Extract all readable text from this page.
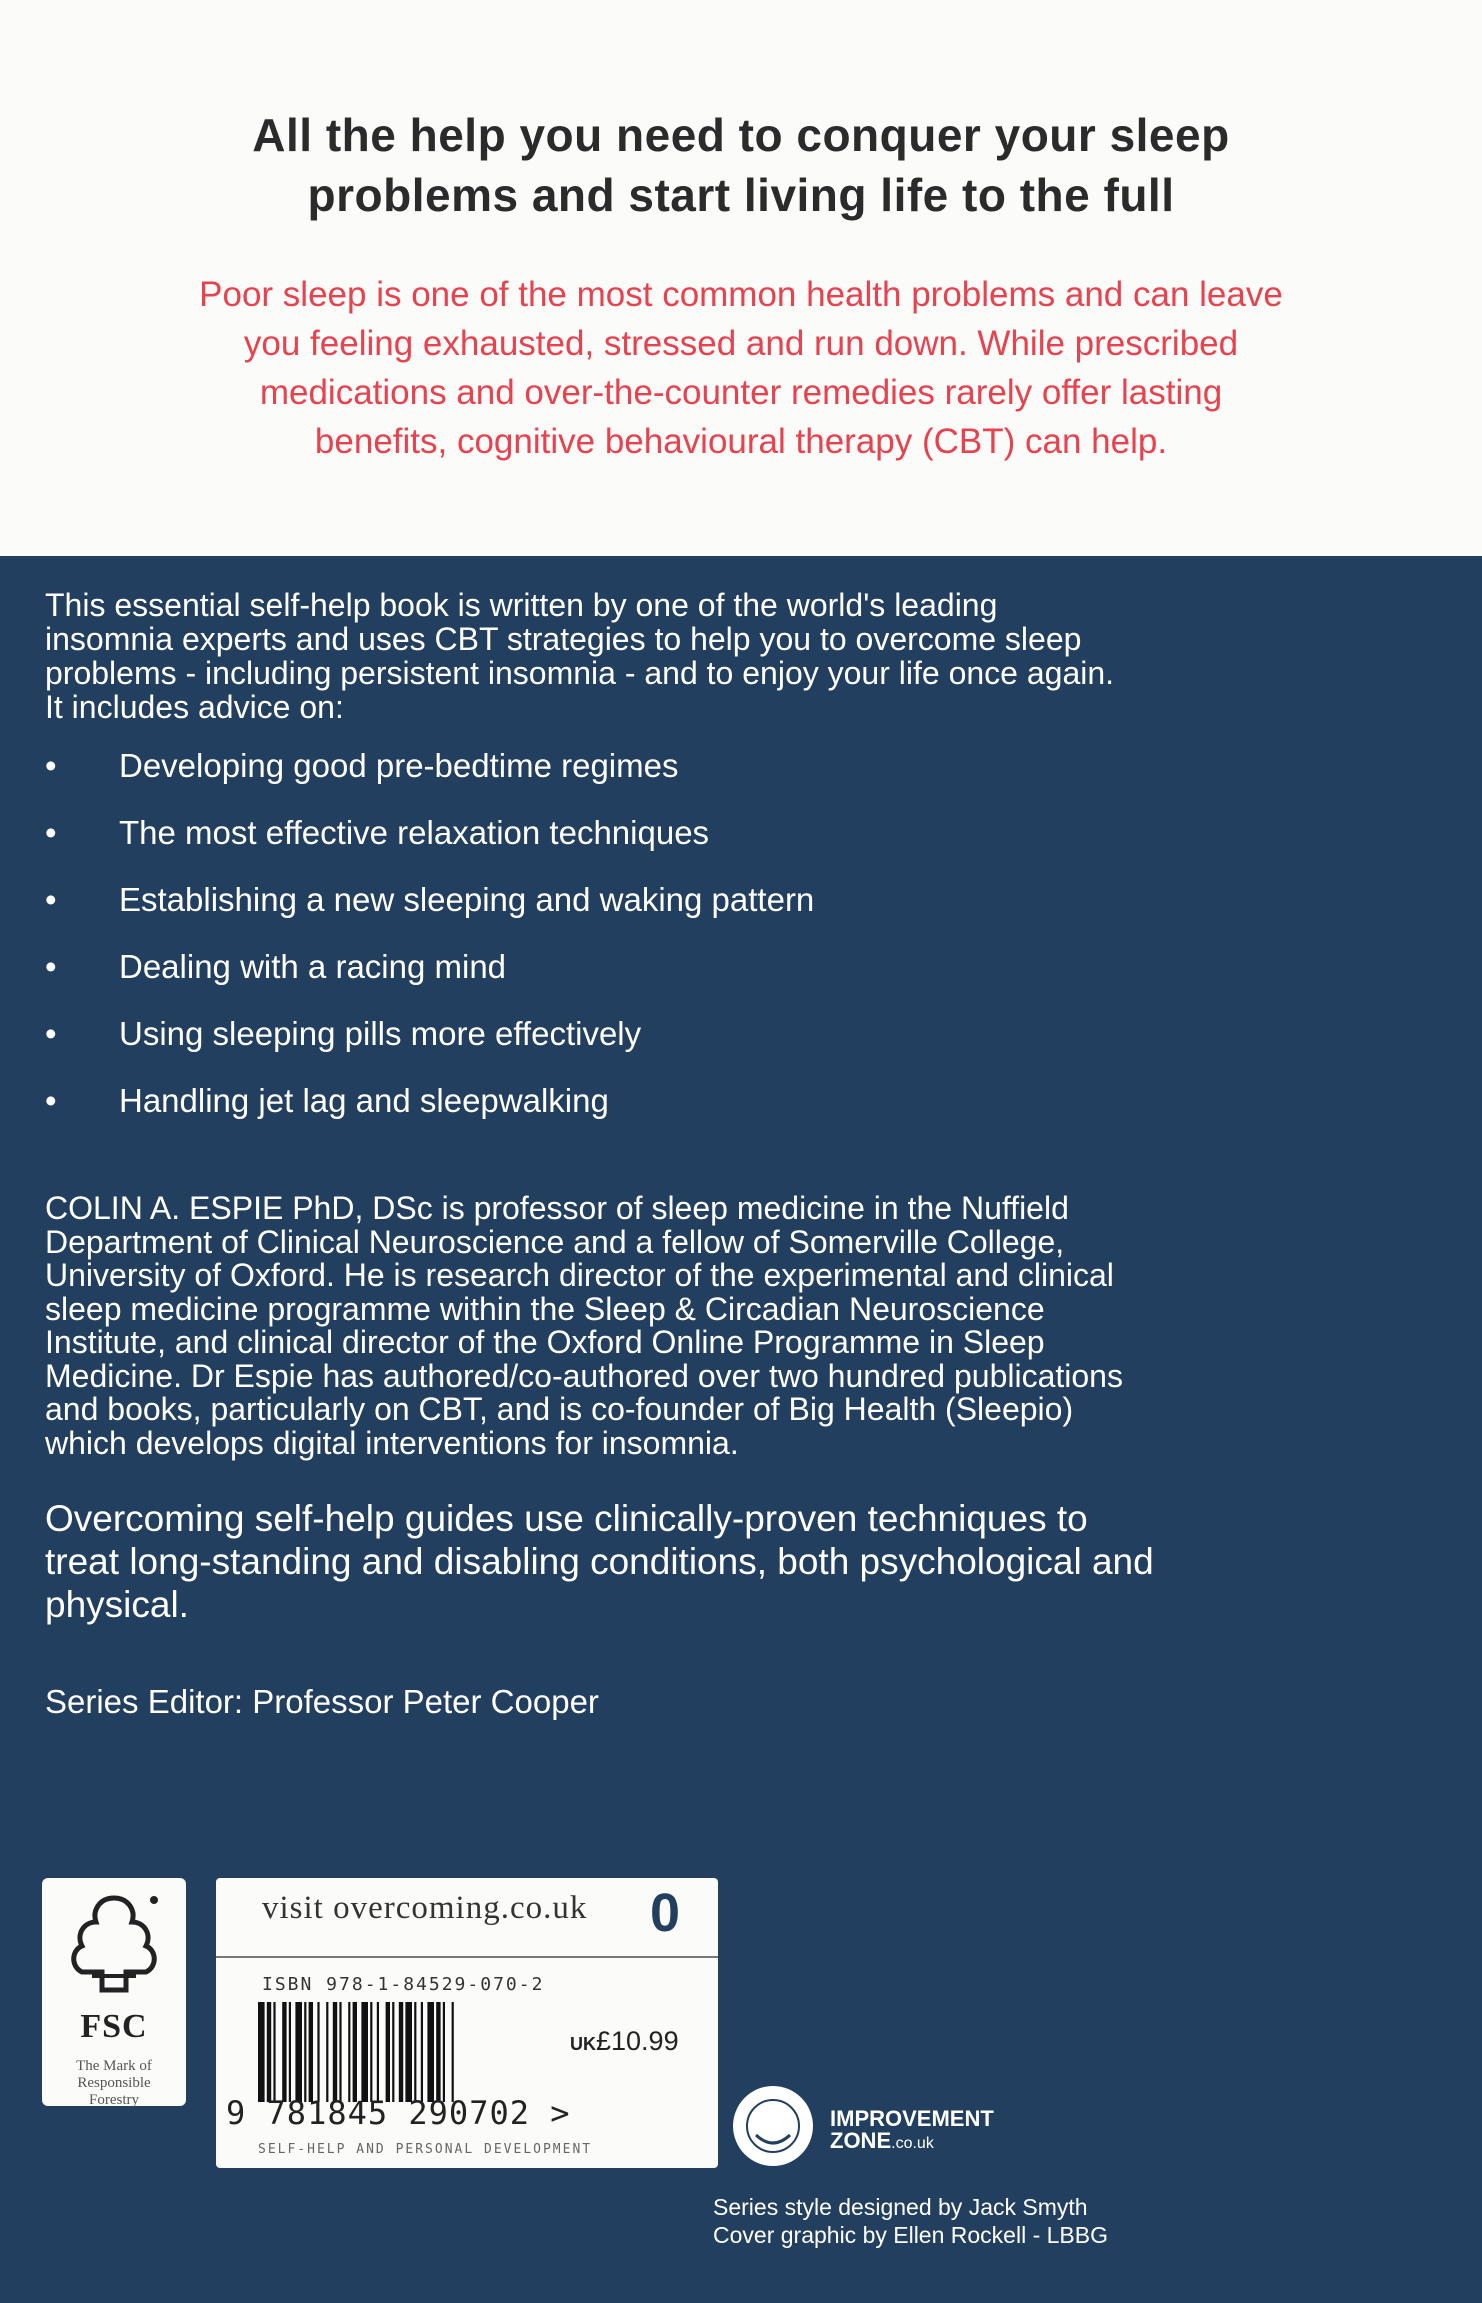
All the help you need to conquer your sleep
problems and start living life to the full
Poor sleep is one of the most common health problems and can leave
you feeling exhausted, stressed and run down. While prescribed
medications and over-the-counter remedies rarely offer lasting
benefits, cognitive behavioural therapy (CBT) can help.
This essential self-help book is written by one of the world's leading
insomnia experts and uses CBT strategies to help you to overcome sleep
problems - including persistent insomnia - and to enjoy your life once again.
It includes advice on:
•	Developing good pre-bedtime regimes
•	The most effective relaxation techniques
•	Establishing a new sleeping and waking pattern
•	Dealing with a racing mind
•	Using sleeping pills more effectively
•	Handling jet lag and sleepwalking
COLIN A. ESPIE PhD, DSc is professor of sleep medicine in the Nuffield
Department of Clinical Neuroscience and a fellow of Somerville College,
University of Oxford. He is research director of the experimental and clinical
sleep medicine programme within the Sleep & Circadian Neuroscience
Institute, and clinical director of the Oxford Online Programme in Sleep
Medicine. Dr Espie has authored/co-authored over two hundred publications
and books, particularly on CBT, and is co-founder of Big Health (Sleepio)
which develops digital interventions for insomnia.
Overcoming self-help guides use clinically-proven techniques to
treat long-standing and disabling conditions, both psychological and
physical.
Series Editor: Professor Peter Cooper
FSC
The Mark of
Responsible
Forestry
visit overcoming.co.uk 0
ISBN 978-1-84529-070-2
UK£10.99
9 781845 290702 >
SELF-HELP AND PERSONAL DEVELOPMENT
IMPROVEMENT
ZONE.co.uk
Series style designed by Jack Smyth
Cover graphic by Ellen Rockell - LBBG
